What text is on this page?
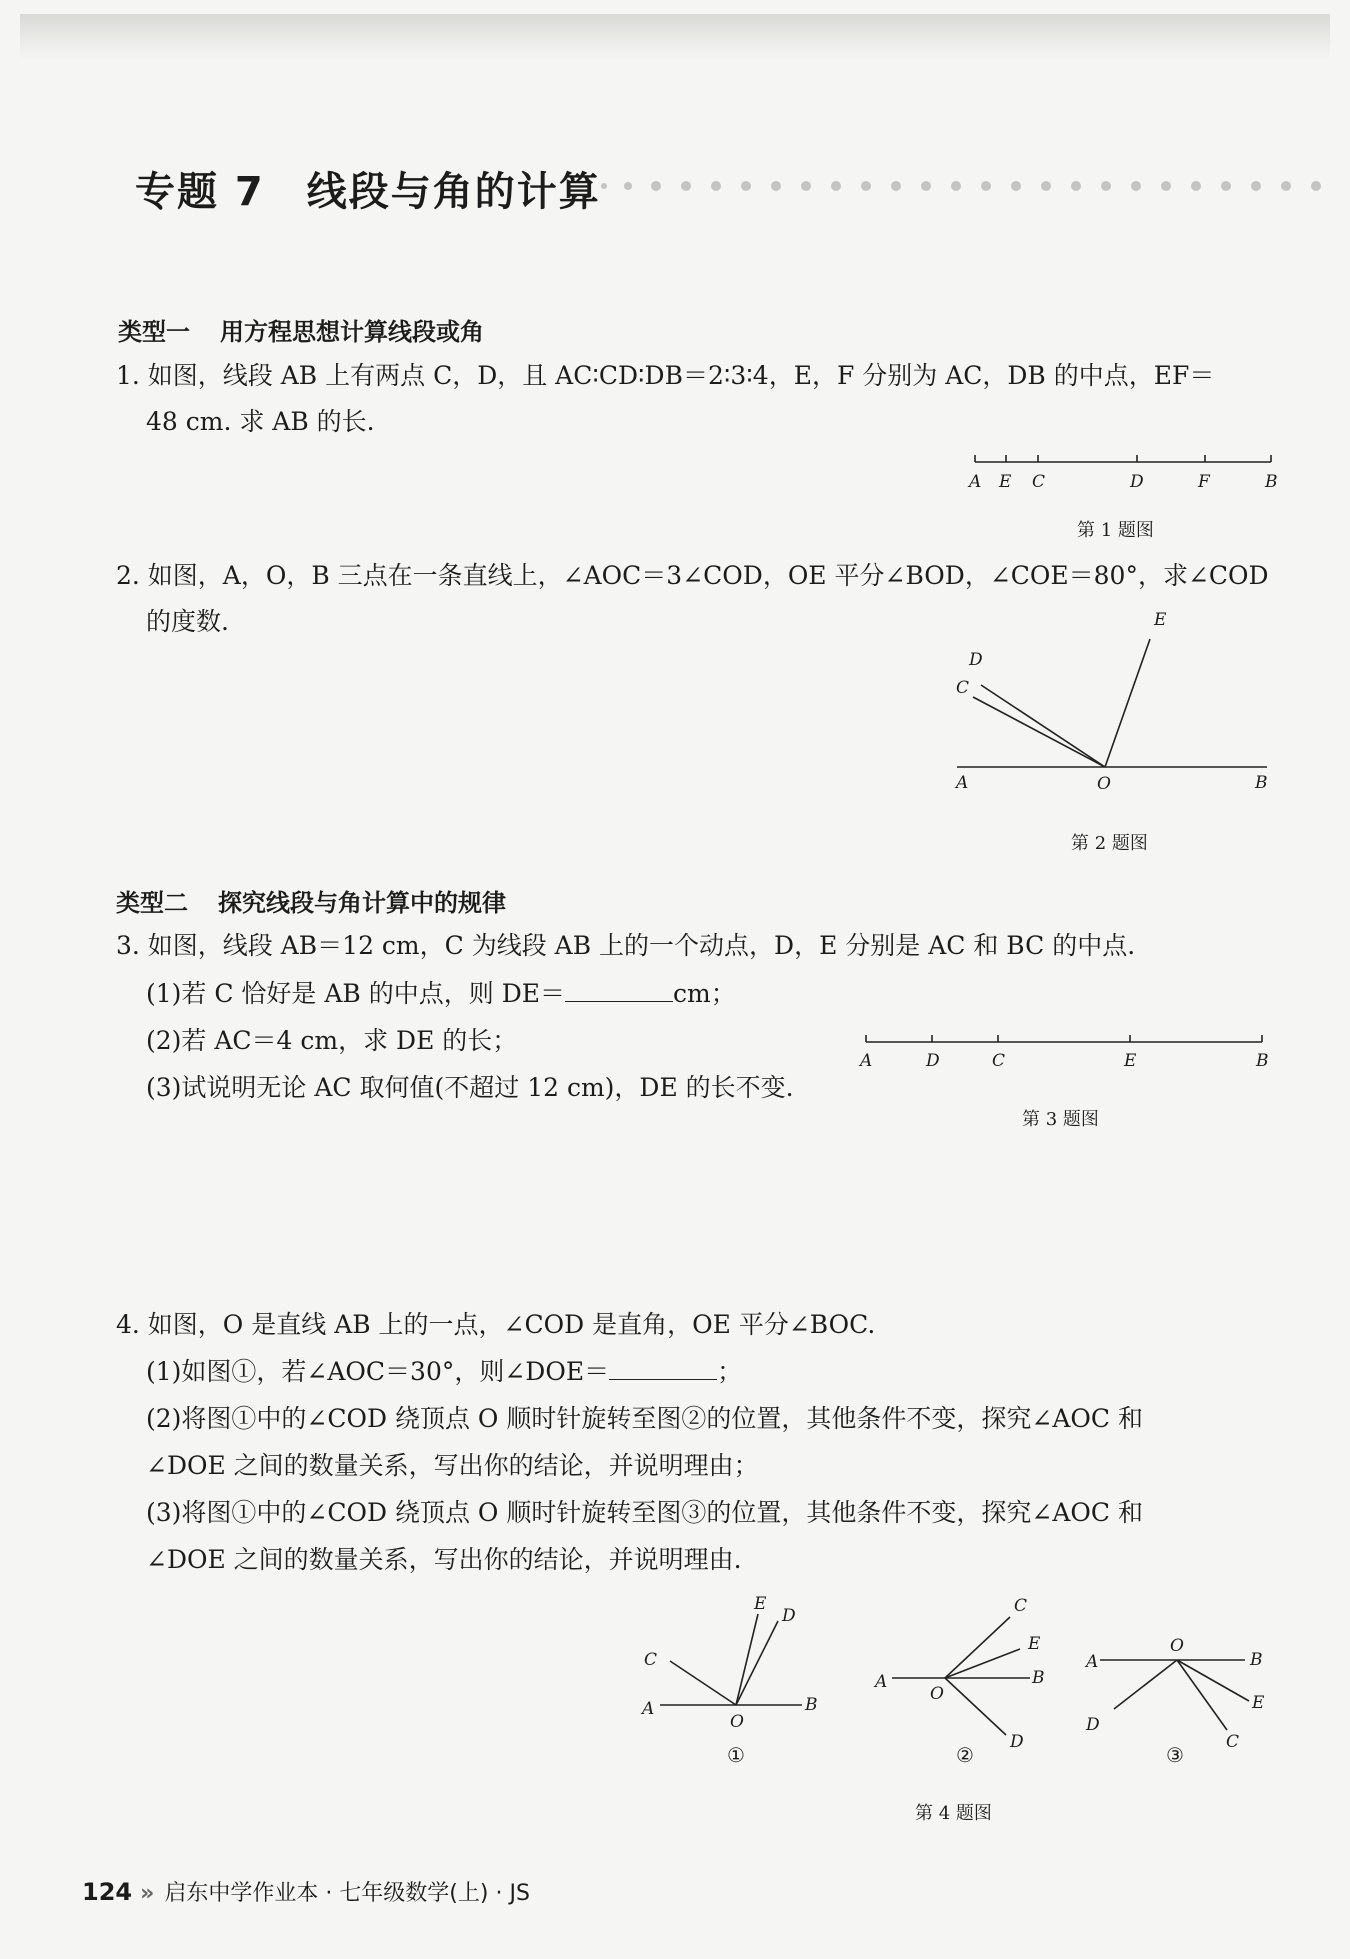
专题 7 线段与角的计算
类型一 用方程思想计算线段或角
1. 如图，线段 AB 上有两点 C，D，且 AC∶CD∶DB＝2∶3∶4，E，F 分别为 AC，DB 的中点，EF＝
48 cm. 求 AB 的长.
A E C	D	F	B
第 1 题图
2. 如图，A，O，B 三点在一条直线上，∠AOC＝3∠COD，OE 平分∠BOD，∠COE＝80°，求∠COD
的度数.	E
D
C
A	O	B
第 2 题图
类型二 探究线段与角计算中的规律
3. 如图，线段 AB＝12 cm，C 为线段 AB 上的一个动点，D，E 分别是 AC 和 BC 的中点.
(1)若 C 恰好是 AB 的中点，则 DE＝	cm；
(2)若 AC＝4 cm，求 DE 的长；
(3)试说明无论 AC 取何值(不超过 12 cm)，DE 的长不变.
A	D	C	E	B
第 3 题图
4. 如图，O 是直线 AB 上的一点，∠COD 是直角，OE 平分∠BOC.
(1)如图①，若∠AOC＝30°，则∠DOE＝	；
(2)将图①中的∠COD 绕顶点 O 顺时针旋转至图②的位置，其他条件不变，探究∠AOC 和
∠DOE 之间的数量关系，写出你的结论，并说明理由；
(3)将图①中的∠COD 绕顶点 O 顺时针旋转至图③的位置，其他条件不变，探究∠AOC 和
∠DOE 之间的数量关系，写出你的结论，并说明理由.
E
D
C
A
O
B
①
C
E
B
A
O
D
②
O
A	B
E
D
C
③
第 4 题图
124 » 启东中学作业本 · 七年级数学(上) · JS
